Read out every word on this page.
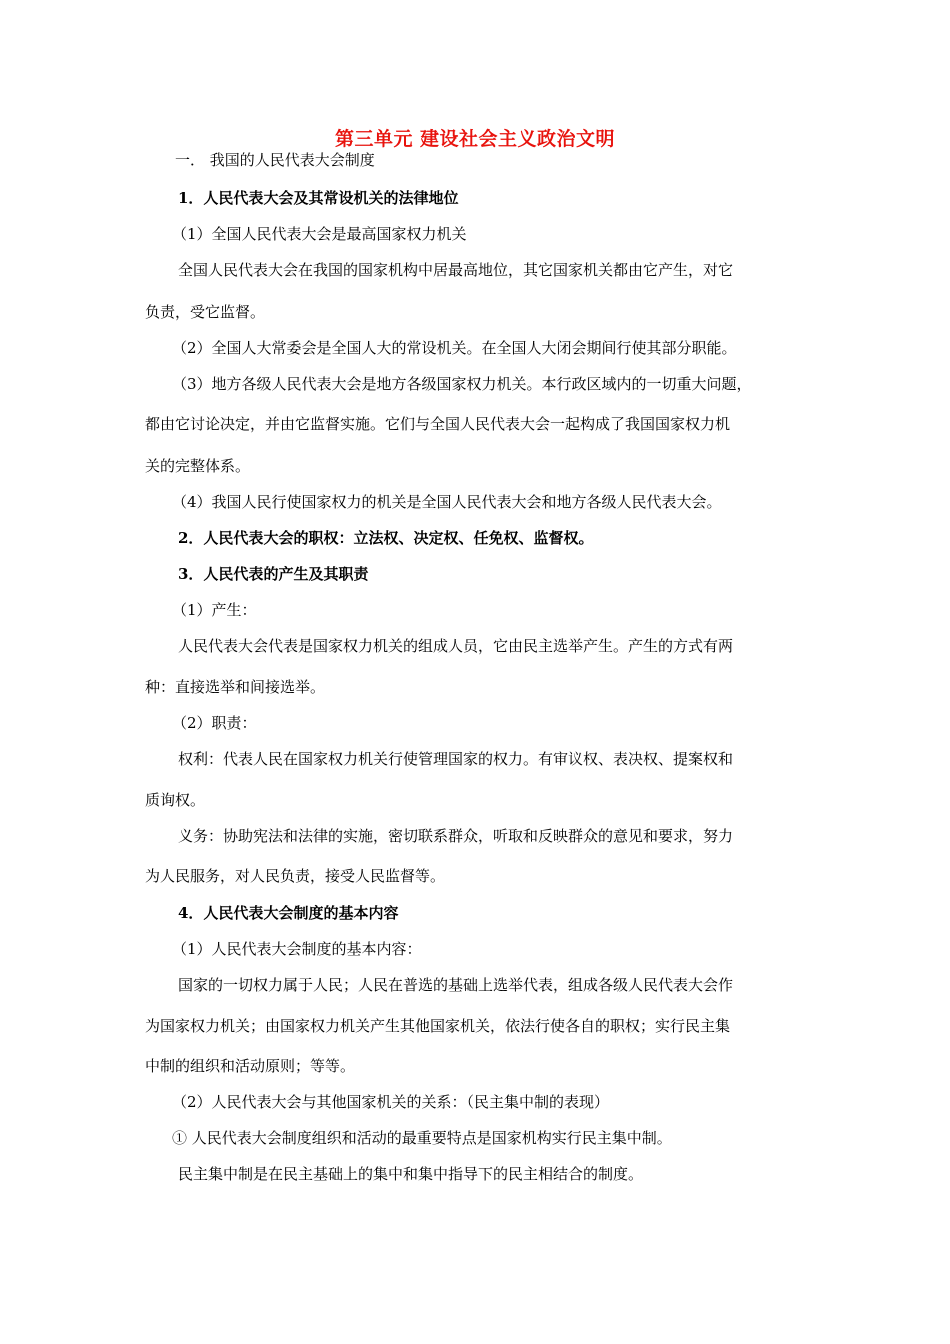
第三单元 建设社会主义政治文明
一． 我国的人民代表大会制度
1．人民代表大会及其常设机关的法律地位
（1）全国人民代表大会是最高国家权力机关
全国人民代表大会在我国的国家机构中居最高地位，其它国家机关都由它产生，对它
负责，受它监督。
（2）全国人大常委会是全国人大的常设机关。在全国人大闭会期间行使其部分职能。
（3）地方各级人民代表大会是地方各级国家权力机关。本行政区域内的一切重大问题，
都由它讨论决定，并由它监督实施。它们与全国人民代表大会一起构成了我国国家权力机
关的完整体系。
（4）我国人民行使国家权力的机关是全国人民代表大会和地方各级人民代表大会。
2．人民代表大会的职权：立法权、决定权、任免权、监督权。
3．人民代表的产生及其职责
（1）产生：
人民代表大会代表是国家权力机关的组成人员，它由民主选举产生。产生的方式有两
种：直接选举和间接选举。
（2）职责：
权利：代表人民在国家权力机关行使管理国家的权力。有审议权、表决权、提案权和
质询权。
义务：协助宪法和法律的实施，密切联系群众，听取和反映群众的意见和要求，努力
为人民服务，对人民负责，接受人民监督等。
4．人民代表大会制度的基本内容
（1）人民代表大会制度的基本内容：
国家的一切权力属于人民；人民在普选的基础上选举代表，组成各级人民代表大会作
为国家权力机关；由国家权力机关产生其他国家机关，依法行使各自的职权；实行民主集
中制的组织和活动原则；等等。
（2）人民代表大会与其他国家机关的关系：（民主集中制的表现）
① 人民代表大会制度组织和活动的最重要特点是国家机构实行民主集中制。
民主集中制是在民主基础上的集中和集中指导下的民主相结合的制度。
